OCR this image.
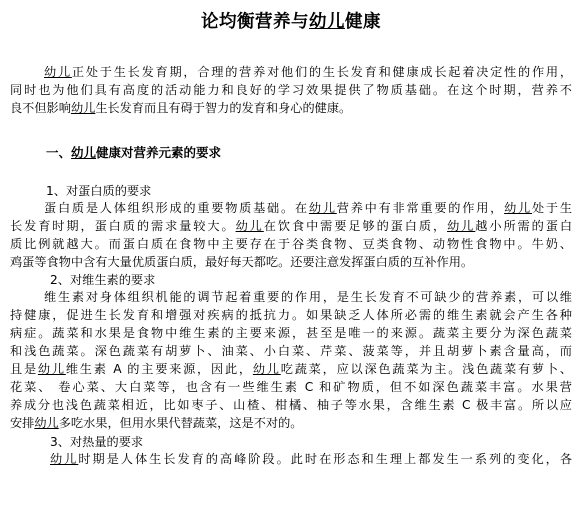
论均衡营养与幼儿健康
幼儿正处于生长发育期，合理的营养对他们的生长发育和健康成长起着决定性的作用，
同时也为他们具有高度的活动能力和良好的学习效果提供了物质基础。在这个时期，营养不
良不但影响幼儿生长发育而且有碍于智力的发育和身心的健康。
一、幼儿健康对营养元素的要求
1、对蛋白质的要求
蛋白质是人体组织形成的重要物质基础。在幼儿营养中有非常重要的作用，幼儿处于生
长发育时期，蛋白质的需求量较大。幼儿在饮食中需要足够的蛋白质，幼儿越小所需的蛋白
质比例就越大。而蛋白质在食物中主要存在于谷类食物、豆类食物、动物性食物中。牛奶、
鸡蛋等食物中含有大量优质蛋白质，最好每天都吃。还要注意发挥蛋白质的互补作用。
2、对维生素的要求
维生素对身体组织机能的调节起着重要的作用，是生长发育不可缺少的营养素，可以维
持健康，促进生长发育和增强对疾病的抵抗力。如果缺乏人体所必需的维生素就会产生各种
病症。蔬菜和水果是食物中维生素的主要来源，甚至是唯一的来源。蔬菜主要分为深色蔬菜
和浅色蔬菜。深色蔬菜有胡萝卜、油菜、小白菜、芹菜、菠菜等，并且胡萝卜素含量高，而
且是幼儿维生素 A 的主要来源，因此，幼儿吃蔬菜，应以深色蔬菜为主。浅色蔬菜有萝卜、
花菜、 卷心菜、大白菜等，也含有一些维生素 C 和矿物质，但不如深色蔬菜丰富。水果营
养成分也浅色蔬菜相近，比如枣子、山楂、柑橘、柚子等水果，含维生素 C 极丰富。所以应
安排幼儿多吃水果，但用水果代替蔬菜，这是不对的。
3、对热量的要求
幼儿时期是人体生长发育的高峰阶段。此时在形态和生理上都发生一系列的变化，各
